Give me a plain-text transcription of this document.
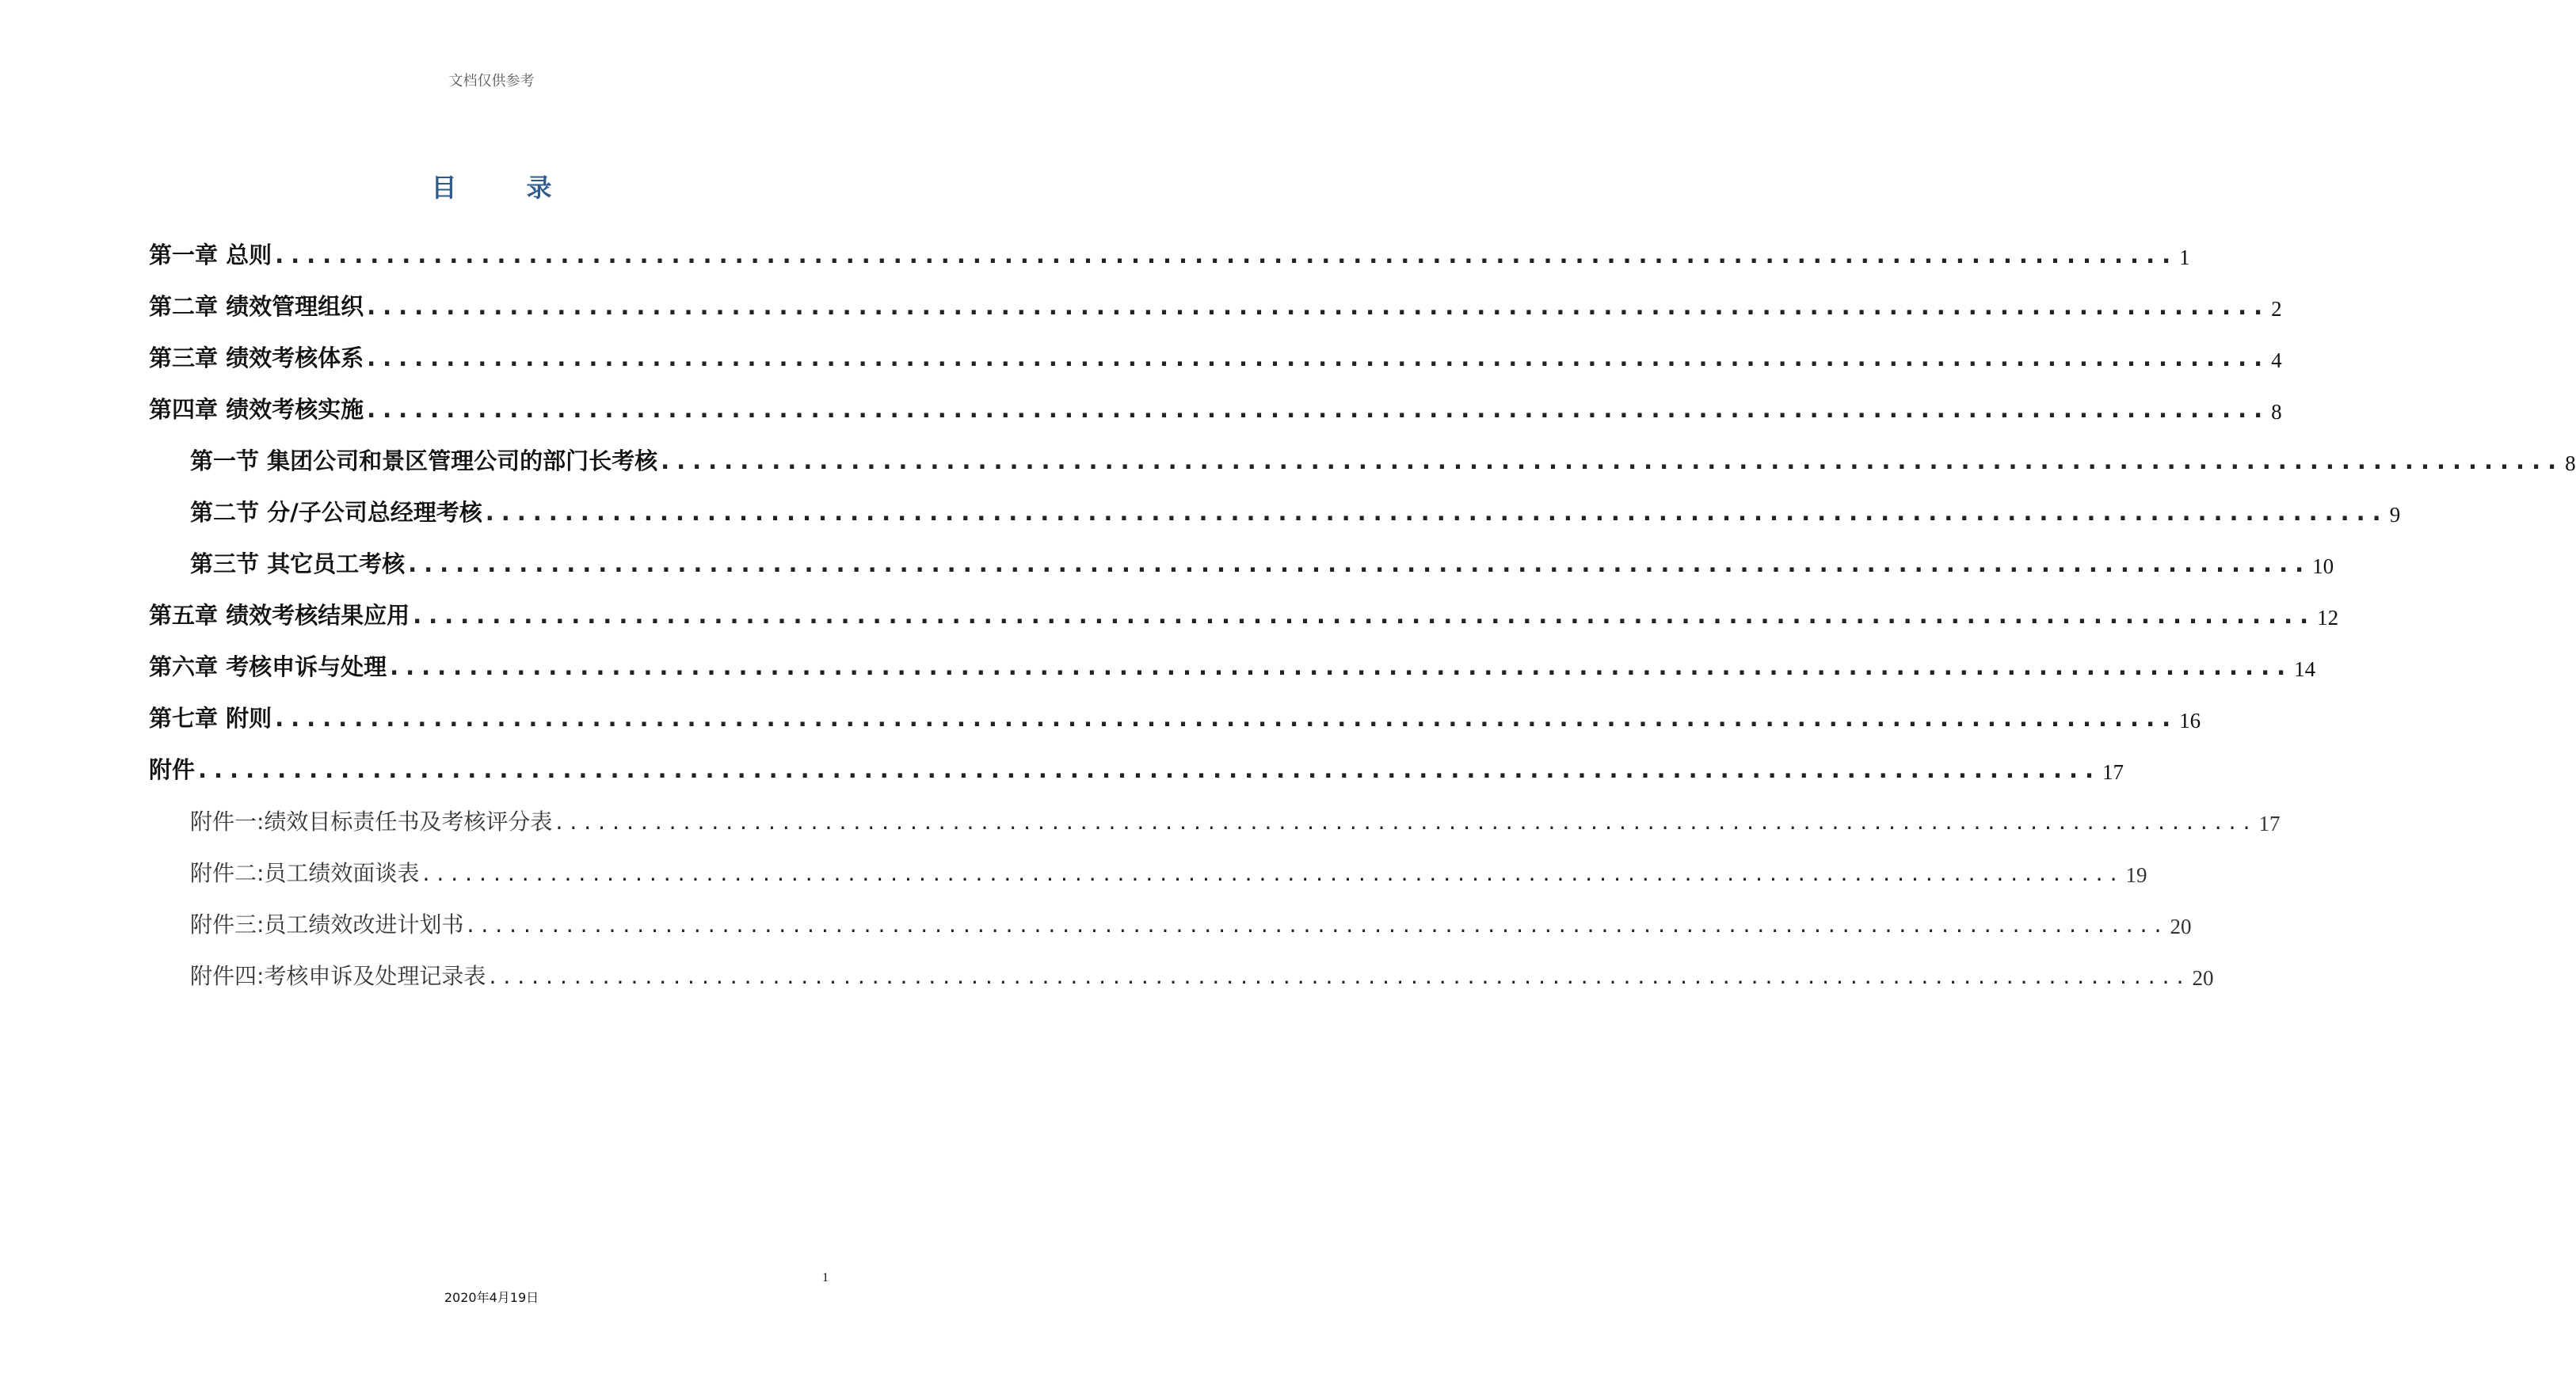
文档仅供参考
目录
第一章 总则 ........................................................................................................................ 1
第二章 绩效管理组织 ........................................................................................................................ 2
第三章 绩效考核体系 ........................................................................................................................ 4
第四章 绩效考核实施 ........................................................................................................................ 8
第一节 集团公司和景区管理公司的部门长考核 ........................................................................................................................ 8
第二节 分/子公司总经理考核 ........................................................................................................................ 9
第三节 其它员工考核 ........................................................................................................................ 10
第五章 绩效考核结果应用 ........................................................................................................................ 12
第六章 考核申诉与处理 ........................................................................................................................ 14
第七章 附则 ........................................................................................................................ 16
附件 ........................................................................................................................ 17
附件一:绩效目标责任书及考核评分表 ........................................................................................................................ 17
附件二:员工绩效面谈表 ........................................................................................................................ 19
附件三:员工绩效改进计划书 ........................................................................................................................ 20
附件四:考核申诉及处理记录表 ........................................................................................................................ 20
1
2020年4月19日
